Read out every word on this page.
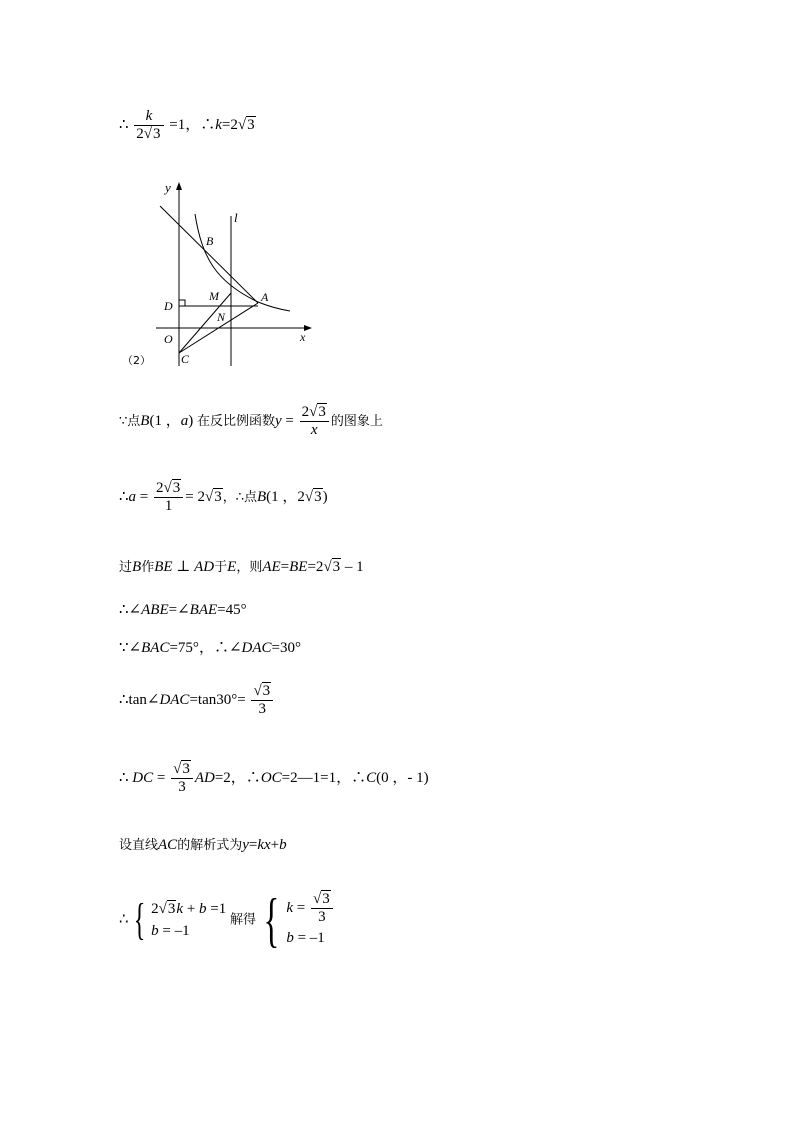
∴ $\frac{k}{2√3} =1$，∴k=2√3
y
l
B
D
M	A
N
O	x
C
（2）
∵点B(1 ，a) 在反比例函数$y = \frac{2√3}{x}$ 的图象上
∴a = $\frac{2√3}{1} = 2√3$，∴点B(1 ，2√3)
过B作BE ⊥ AD于E，则AE=BE=2√3 – 1
∴∠ABE=∠BAE=45°
∵∠BAC=75°，∴∠DAC=30°
∴tan∠DAC=tan30°= $\frac{√3}{3}$
∴ DC = $\frac{√3}{3} AD=2$，∴OC=2—1=1，∴C(0 ，- 1)
设直线AC的解析式为y=kx+b
∴ { 2√3k + b =1
b = –1
解得 { $k = \frac{√3}{3}$
b = –1
